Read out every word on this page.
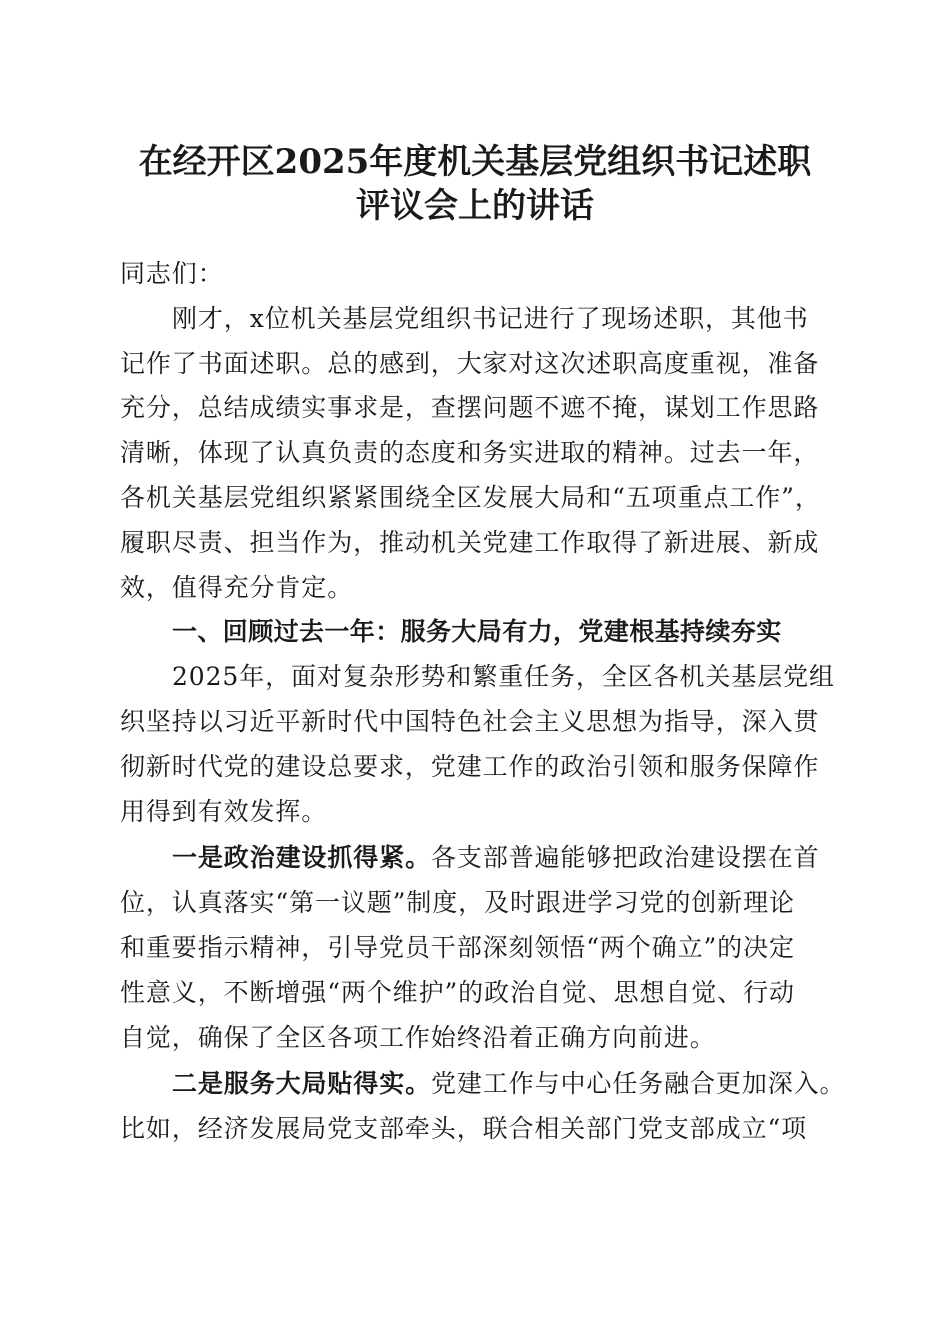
在经开区2025年度机关基层党组织书记述职
评议会上的讲话
同志们：
刚才，x位机关基层党组织书记进行了现场述职，其他书
记作了书面述职。总的感到，大家对这次述职高度重视，准备
充分，总结成绩实事求是，查摆问题不遮不掩，谋划工作思路
清晰，体现了认真负责的态度和务实进取的精神。过去一年，
各机关基层党组织紧紧围绕全区发展大局和“五项重点工作”，
履职尽责、担当作为，推动机关党建工作取得了新进展、新成
效，值得充分肯定。
一、回顾过去一年：服务大局有力，党建根基持续夯实
2025年，面对复杂形势和繁重任务，全区各机关基层党组
织坚持以习近平新时代中国特色社会主义思想为指导，深入贯
彻新时代党的建设总要求，党建工作的政治引领和服务保障作
用得到有效发挥。
一是政治建设抓得紧。各支部普遍能够把政治建设摆在首
位，认真落实“第一议题”制度，及时跟进学习党的创新理论
和重要指示精神，引导党员干部深刻领悟“两个确立”的决定
性意义，不断增强“两个维护”的政治自觉、思想自觉、行动
自觉，确保了全区各项工作始终沿着正确方向前进。
二是服务大局贴得实。党建工作与中心任务融合更加深入。
比如，经济发展局党支部牵头，联合相关部门党支部成立“项
